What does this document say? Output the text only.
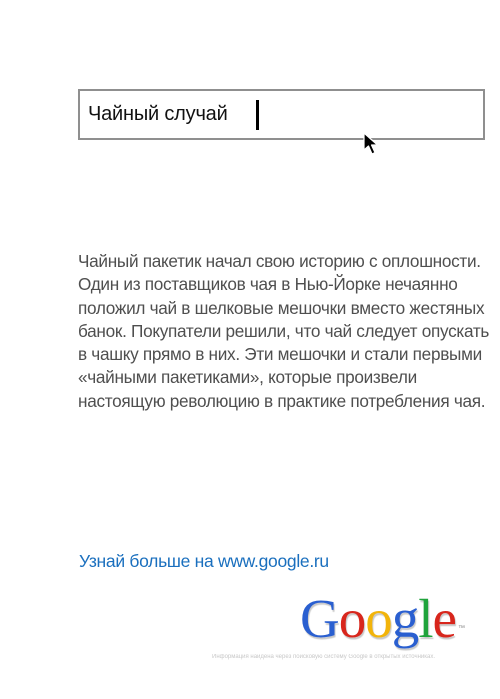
Чайный случай

Чайный пакетик начал свою историю с оплошности.
Один из поставщиков чая в Нью-Йорке нечаянно
положил чай в шелковые мешочки вместо жестяных
банок. Покупатели решили, что чай следует опускать
в чашку прямо в них. Эти мешочки и стали первыми
«чайными пакетиками», которые произвели
настоящую революцию в практике потребления чая.

Узнай больше на www.google.ru
Google ™
Информация найдена через поисковую систему Google в открытых источниках.
